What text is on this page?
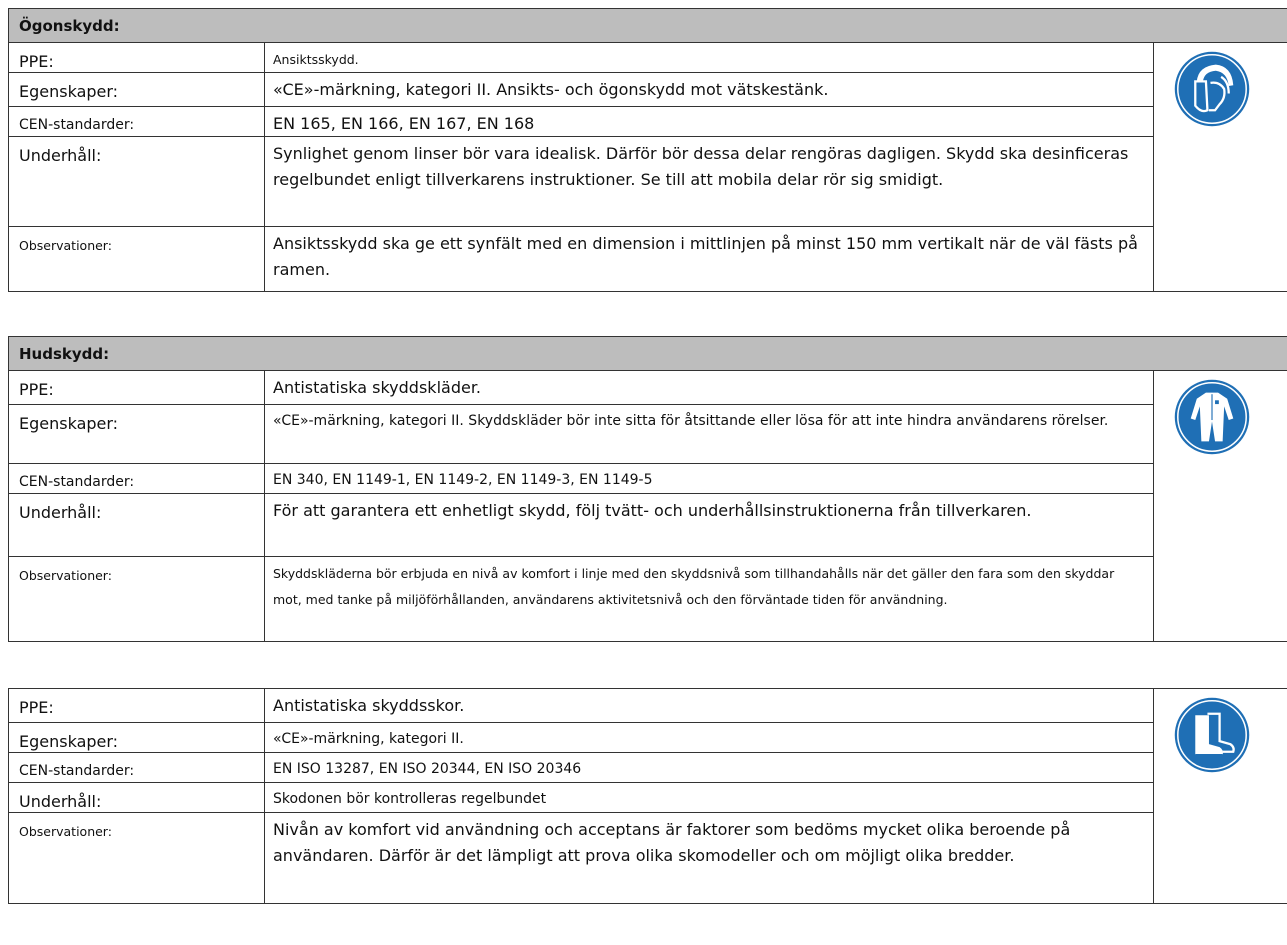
Ögonskydd:
PPE:	Ansiktsskydd.
Egenskaper:	«CE»-märkning, kategori II. Ansikts- och ögonskydd mot vätskestänk.
CEN-standarder:	EN 165, EN 166, EN 167, EN 168
Underhåll:	Synlighet genom linser bör vara idealisk. Därför bör dessa delar rengöras dagligen. Skydd ska desinficeras regelbundet enligt tillverkarens instruktioner. Se till att mobila delar rör sig smidigt.
Observationer:	Ansiktsskydd ska ge ett synfält med en dimension i mittlinjen på minst 150 mm vertikalt när de väl fästs på ramen.
Hudskydd:
PPE:	Antistatiska skyddskläder.
Egenskaper:	«CE»-märkning, kategori II. Skyddskläder bör inte sitta för åtsittande eller lösa för att inte hindra användarens rörelser.
CEN-standarder:	EN 340, EN 1149-1, EN 1149-2, EN 1149-3, EN 1149-5
Underhåll:	För att garantera ett enhetligt skydd, följ tvätt- och underhållsinstruktionerna från tillverkaren.
Observationer:	Skyddskläderna bör erbjuda en nivå av komfort i linje med den skyddsnivå som tillhandahålls när det gäller den fara som den skyddar mot, med tanke på miljöförhållanden, användarens aktivitetsnivå och den förväntade tiden för användning.
PPE:	Antistatiska skyddsskor.
Egenskaper:	«CE»-märkning, kategori II.
CEN-standarder:	EN ISO 13287, EN ISO 20344, EN ISO 20346
Underhåll:	Skodonen bör kontrolleras regelbundet
Observationer:	Nivån av komfort vid användning och acceptans är faktorer som bedöms mycket olika beroende på användaren. Därför är det lämpligt att prova olika skomodeller och om möjligt olika bredder.
